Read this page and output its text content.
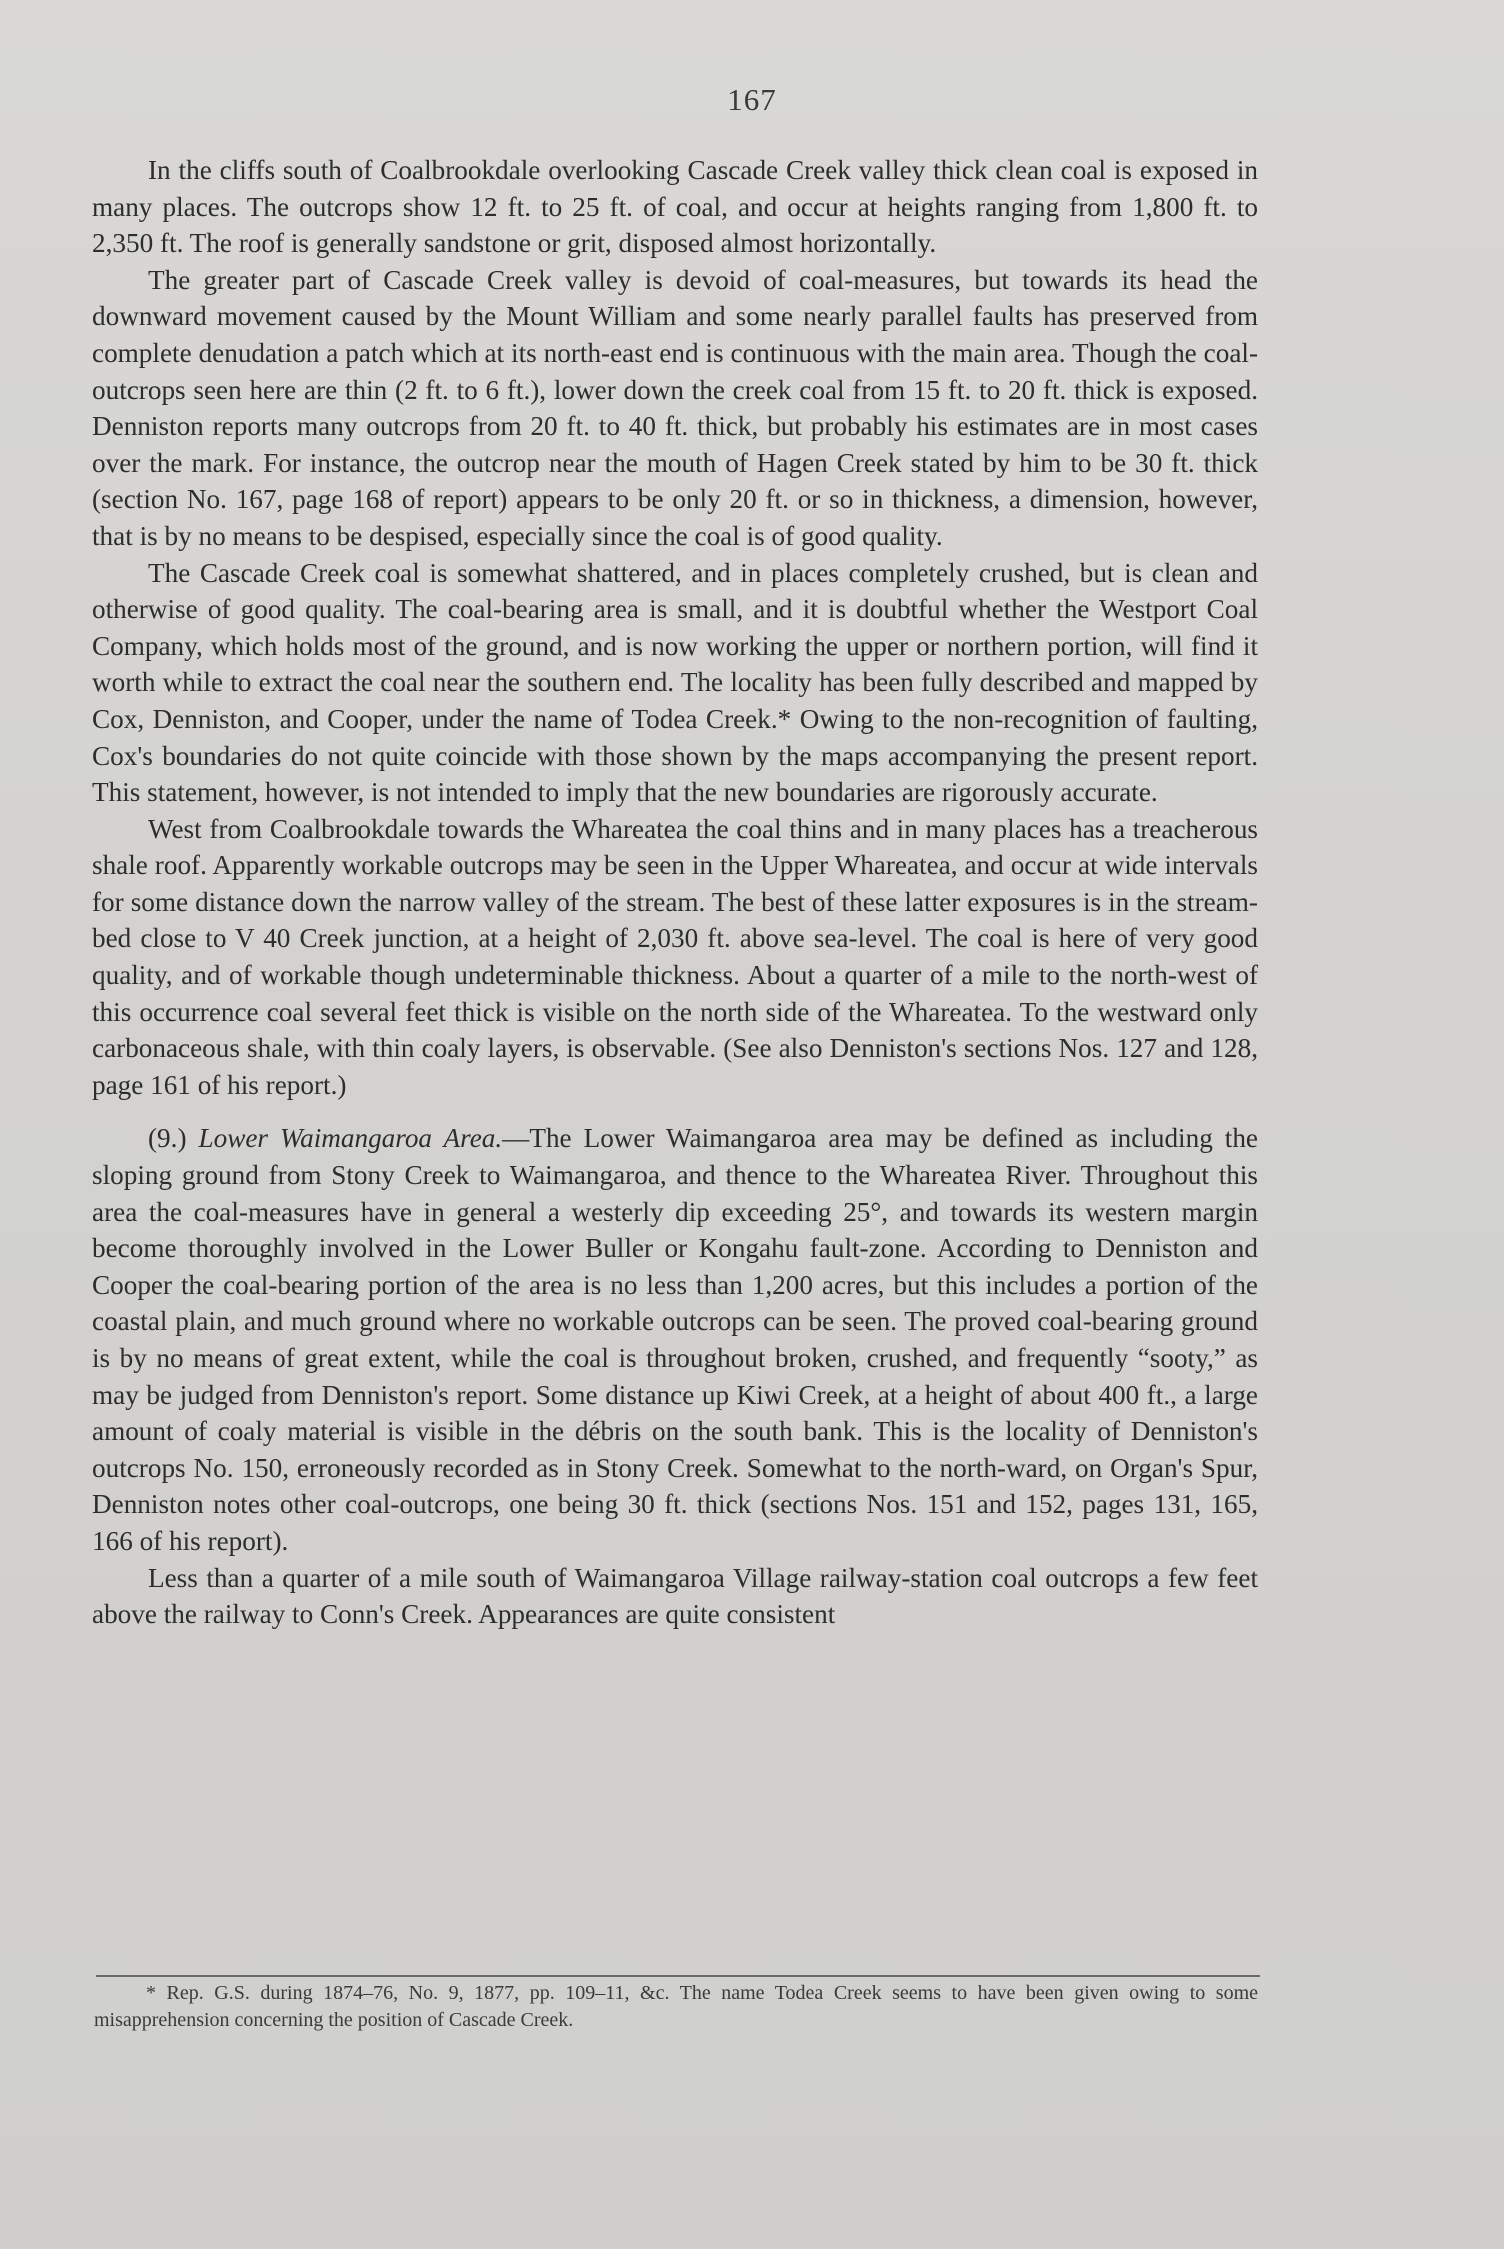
167

In the cliffs south of Coalbrookdale overlooking Cascade Creek valley thick clean coal is exposed in many places. The outcrops show 12 ft. to 25 ft. of coal, and occur at heights ranging from 1,800 ft. to 2,350 ft. The roof is generally sandstone or grit, disposed almost horizontally.

The greater part of Cascade Creek valley is devoid of coal-measures, but towards its head the downward movement caused by the Mount William and some nearly parallel faults has preserved from complete denudation a patch which at its north-east end is continuous with the main area. Though the coal-outcrops seen here are thin (2 ft. to 6 ft.), lower down the creek coal from 15 ft. to 20 ft. thick is exposed. Denniston reports many outcrops from 20 ft. to 40 ft. thick, but probably his estimates are in most cases over the mark. For instance, the outcrop near the mouth of Hagen Creek stated by him to be 30 ft. thick (section No. 167, page 168 of report) appears to be only 20 ft. or so in thickness, a dimension, however, that is by no means to be despised, especially since the coal is of good quality.

The Cascade Creek coal is somewhat shattered, and in places completely crushed, but is clean and otherwise of good quality. The coal-bearing area is small, and it is doubtful whether the Westport Coal Company, which holds most of the ground, and is now working the upper or northern portion, will find it worth while to extract the coal near the southern end. The locality has been fully described and mapped by Cox, Denniston, and Cooper, under the name of Todea Creek.* Owing to the non-recognition of faulting, Cox's boundaries do not quite coincide with those shown by the maps accompanying the present report. This statement, however, is not intended to imply that the new boundaries are rigorously accurate.

West from Coalbrookdale towards the Whareatea the coal thins and in many places has a treacherous shale roof. Apparently workable outcrops may be seen in the Upper Whareatea, and occur at wide intervals for some distance down the narrow valley of the stream. The best of these latter exposures is in the stream-bed close to V 40 Creek junction, at a height of 2,030 ft. above sea-level. The coal is here of very good quality, and of workable though undeterminable thickness. About a quarter of a mile to the north-west of this occurrence coal several feet thick is visible on the north side of the Whareatea. To the westward only carbonaceous shale, with thin coaly layers, is observable. (See also Denniston's sections Nos. 127 and 128, page 161 of his report.)

(9.) Lower Waimangaroa Area.—The Lower Waimangaroa area may be defined as including the sloping ground from Stony Creek to Waimangaroa, and thence to the Whareatea River. Throughout this area the coal-measures have in general a westerly dip exceeding 25°, and towards its western margin become thoroughly involved in the Lower Buller or Kongahu fault-zone. According to Denniston and Cooper the coal-bearing portion of the area is no less than 1,200 acres, but this includes a portion of the coastal plain, and much ground where no workable outcrops can be seen. The proved coal-bearing ground is by no means of great extent, while the coal is throughout broken, crushed, and frequently “sooty,” as may be judged from Denniston's report. Some distance up Kiwi Creek, at a height of about 400 ft., a large amount of coaly material is visible in the débris on the south bank. This is the locality of Denniston's outcrops No. 150, erroneously recorded as in Stony Creek. Somewhat to the north-ward, on Organ's Spur, Denniston notes other coal-outcrops, one being 30 ft. thick (sections Nos. 151 and 152, pages 131, 165, 166 of his report).

Less than a quarter of a mile south of Waimangaroa Village railway-station coal outcrops a few feet above the railway to Conn's Creek. Appearances are quite consistent

* Rep. G.S. during 1874–76, No. 9, 1877, pp. 109–11, &c. The name Todea Creek seems to have been given owing to some misapprehension concerning the position of Cascade Creek.
